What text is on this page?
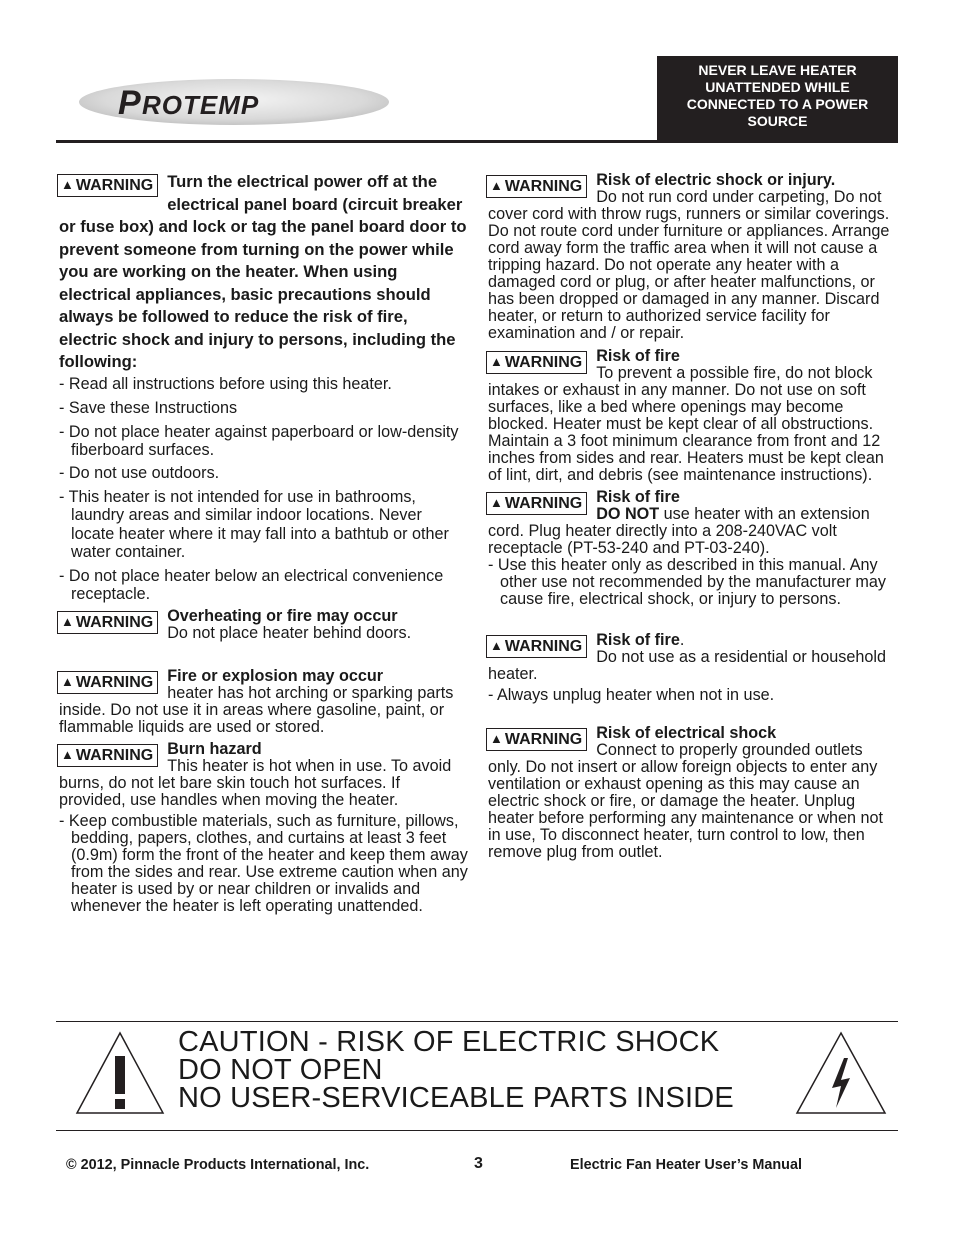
P ROTEMP
NEVER LEAVE HEATER
UNATTENDED WHILE
CONNECTED TO A POWER
SOURCE
▲ WARNING Turn the electrical power off at the electrical panel board (circuit breaker or fuse box) and lock or tag the panel board door to prevent someone from turning on the power while you are working on the heater. When using electrical appliances, basic precautions should always be followed to reduce the risk of fire, electric shock and injury to persons, including the following:
- Read all instructions before using this heater.
- Save these Instructions
- Do not place heater against paperboard or low-density fiberboard surfaces.
- Do not use outdoors.
- This heater is not intended for use in bathrooms, laundry areas and similar indoor locations. Never locate heater where it may fall into a bathtub or other water container.
- Do not place heater below an electrical convenience receptacle.
▲ WARNING Overheating or fire may occur
Do not place heater behind doors.
▲ WARNING Fire or explosion may occur
heater has hot arching or sparking parts inside. Do not use it in areas where gasoline, paint, or flammable liquids are used or stored.
▲ WARNING Burn hazard
This heater is hot when in use. To avoid burns, do not let bare skin touch hot surfaces. If provided, use handles when moving the heater.
- Keep combustible materials, such as furniture, pillows, bedding, papers, clothes, and curtains at least 3 feet (0.9m) form the front of the heater and keep them away from the sides and rear. Use extreme caution when any heater is used by or near children or invalids and whenever the heater is left operating unattended.
▲ WARNING Risk of electric shock or injury.
Do not run cord under carpeting, Do not cover cord with throw rugs, runners or similar coverings. Do not route cord under furniture or appliances. Arrange cord away form the traffic area when it will not cause a tripping hazard. Do not operate any heater with a damaged cord or plug, or after heater malfunctions, or has been dropped or damaged in any manner. Discard heater, or return to authorized service facility for examination and / or repair.
▲ WARNING Risk of fire
To prevent a possible fire, do not block intakes or exhaust in any manner. Do not use on soft surfaces, like a bed where openings may become blocked. Heater must be kept clear of all obstructions. Maintain a 3 foot minimum clearance from front and 12 inches from sides and rear. Heaters must be kept clean of lint, dirt, and debris (see maintenance instructions).
▲ WARNING Risk of fire
DO NOT use heater with an extension cord. Plug heater directly into a 208-240VAC volt receptacle (PT-53-240 and PT-03-240).
- Use this heater only as described in this manual. Any other use not recommended by the manufacturer may cause fire, electrical shock, or injury to persons.
▲ WARNING Risk of fire.
Do not use as a residential or household heater.
- Always unplug heater when not in use.
▲ WARNING Risk of electrical shock
Connect to properly grounded outlets only. Do not insert or allow foreign objects to enter any ventilation or exhaust opening as this may cause an electric shock or fire, or damage the heater. Unplug heater before performing any maintenance or when not in use, To disconnect heater, turn control to low, then remove plug from outlet.
CAUTION - RISK OF ELECTRIC SHOCK
DO NOT OPEN
NO USER-SERVICEABLE PARTS INSIDE
© 2012, Pinnacle Products International, Inc.	3	Electric Fan Heater User’s Manual
